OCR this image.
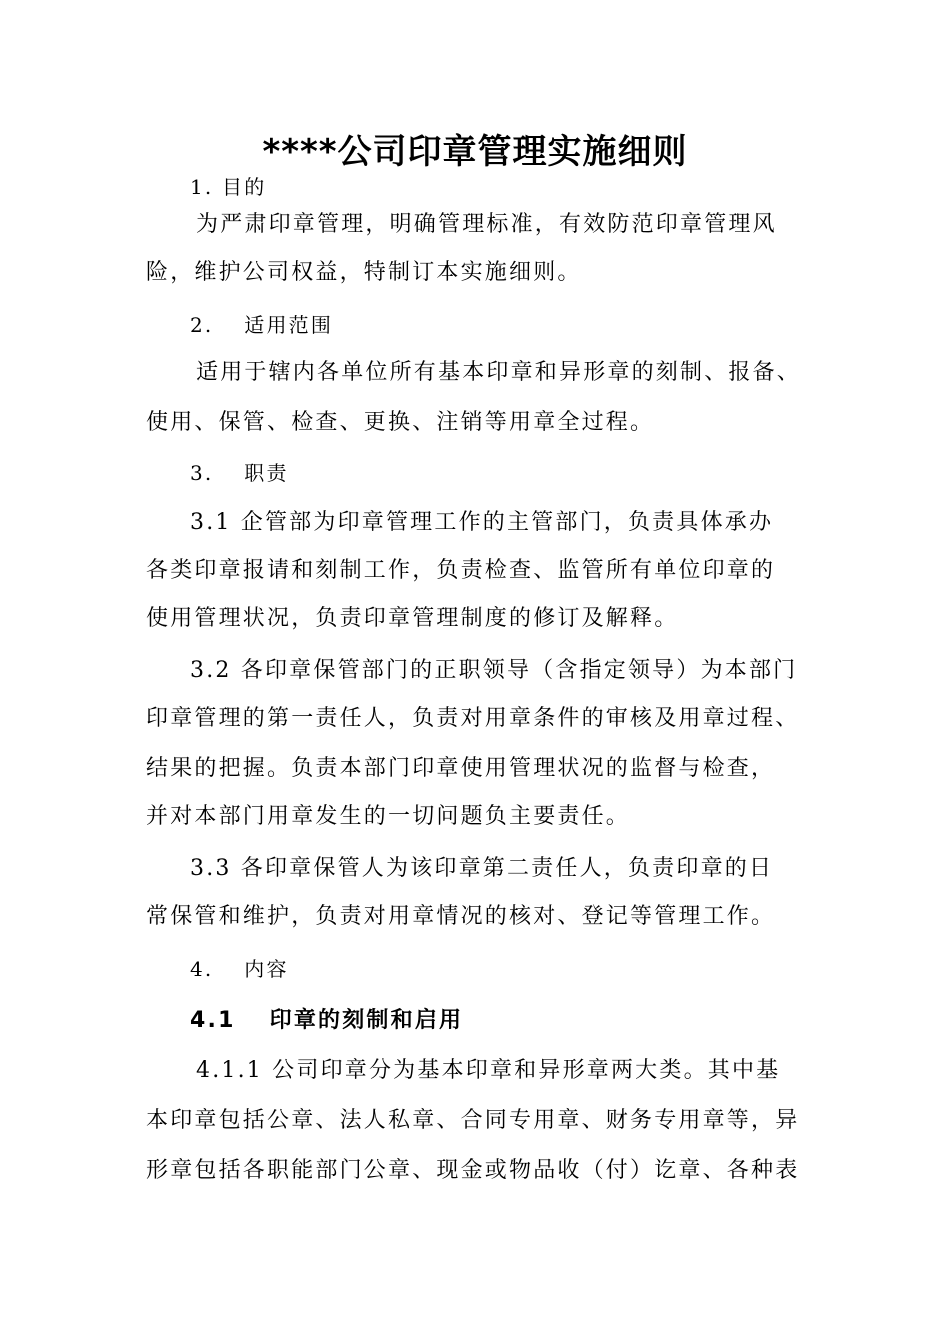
****公司印章管理实施细则

1. 目的

为严肃印章管理，明确管理标准，有效防范印章管理风

险，维护公司权益，特制订本实施细则。

2.　 适用范围

适用于辖内各单位所有基本印章和异形章的刻制、报备、

使用、保管、检查、更换、注销等用章全过程。

3.　 职责

3.1 企管部为印章管理工作的主管部门，负责具体承办

各类印章报请和刻制工作，负责检查、监管所有单位印章的

使用管理状况，负责印章管理制度的修订及解释。

3.2 各印章保管部门的正职领导（含指定领导）为本部门

印章管理的第一责任人，负责对用章条件的审核及用章过程、

结果的把握。负责本部门印章使用管理状况的监督与检查，

并对本部门用章发生的一切问题负主要责任。

3.3 各印章保管人为该印章第二责任人，负责印章的日

常保管和维护，负责对用章情况的核对、登记等管理工作。

4.　 内容

4.1　 印章的刻制和启用

4.1.1 公司印章分为基本印章和异形章两大类。其中基

本印章包括公章、法人私章、合同专用章、财务专用章等，异

形章包括各职能部门公章、现金或物品收（付）讫章、各种表
